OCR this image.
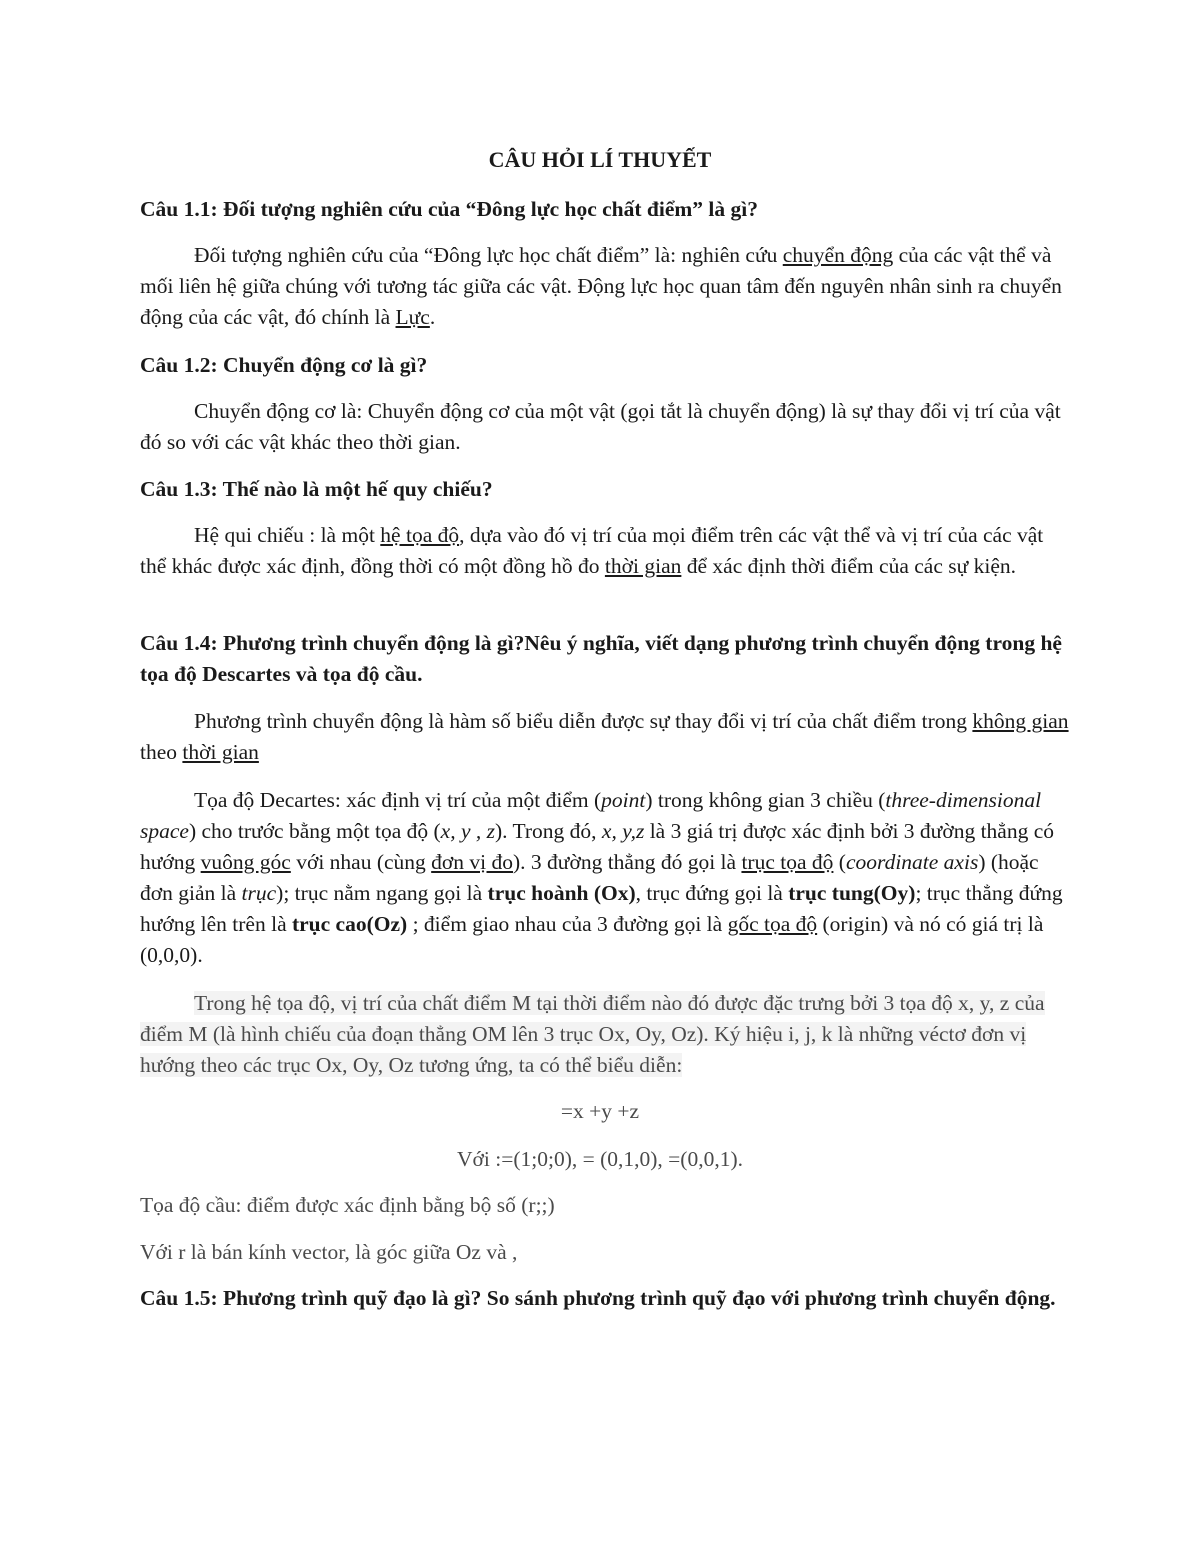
CÂU HỎI LÍ THUYẾT

Câu 1.1: Đối tượng nghiên cứu của “Đông lực học chất điểm” là gì?

Đối tượng nghiên cứu của “Đông lực học chất điểm” là: nghiên cứu chuyển động của các vật thể và mối liên hệ giữa chúng với tương tác giữa các vật. Động lực học quan tâm đến nguyên nhân sinh ra chuyển động của các vật, đó chính là Lực.

Câu 1.2: Chuyển động cơ là gì?

Chuyển động cơ là: Chuyển động cơ của một vật (gọi tắt là chuyển động) là sự thay đổi vị trí của vật đó so với các vật khác theo thời gian.

Câu 1.3: Thế nào là một hế quy chiếu?

Hệ qui chiếu : là một hệ tọa độ, dựa vào đó vị trí của mọi điểm trên các vật thể và vị trí của các vật thể khác được xác định, đồng thời có một đồng hồ đo thời gian để xác định thời điểm của các sự kiện.

Câu 1.4: Phương trình chuyển động là gì?Nêu ý nghĩa, viết dạng phương trình chuyển động trong hệ tọa độ Descartes và tọa độ cầu.

Phương trình chuyển động là hàm số biểu diễn được sự thay đổi vị trí của chất điểm trong không gian theo thời gian

Tọa độ Decartes: xác định vị trí của một điểm (point) trong không gian 3 chiều (three-dimensional space) cho trước bằng một tọa độ (x, y , z). Trong đó, x, y,z là 3 giá trị được xác định bởi 3 đường thẳng có hướng vuông góc với nhau (cùng đơn vị đo). 3 đường thẳng đó gọi là trục tọa độ (coordinate axis) (hoặc đơn giản là trục); trục nằm ngang gọi là trục hoành (Ox), trục đứng gọi là trục tung(Oy); trục thẳng đứng hướng lên trên là trục cao(Oz) ; điểm giao nhau của 3 đường gọi là gốc tọa độ (origin) và nó có giá trị là (0,0,0).

Trong hệ tọa độ, vị trí của chất điểm M tại thời điểm nào đó được đặc trưng bởi 3 tọa độ x, y, z của điểm M (là hình chiếu của đoạn thẳng OM lên 3 trục Ox, Oy, Oz). Ký hiệu i, j, k là những véctơ đơn vị hướng theo các trục Ox, Oy, Oz tương ứng, ta có thể biểu diễn:

=x +y +z

Với :=(1;0;0), = (0,1,0), =(0,0,1).

Tọa độ cầu: điểm được xác định bằng bộ số (r;;)

Với r là bán kính vector, là góc giữa Oz và ,

Câu 1.5: Phương trình quỹ đạo là gì? So sánh phương trình quỹ đạo với phương trình chuyển động.
